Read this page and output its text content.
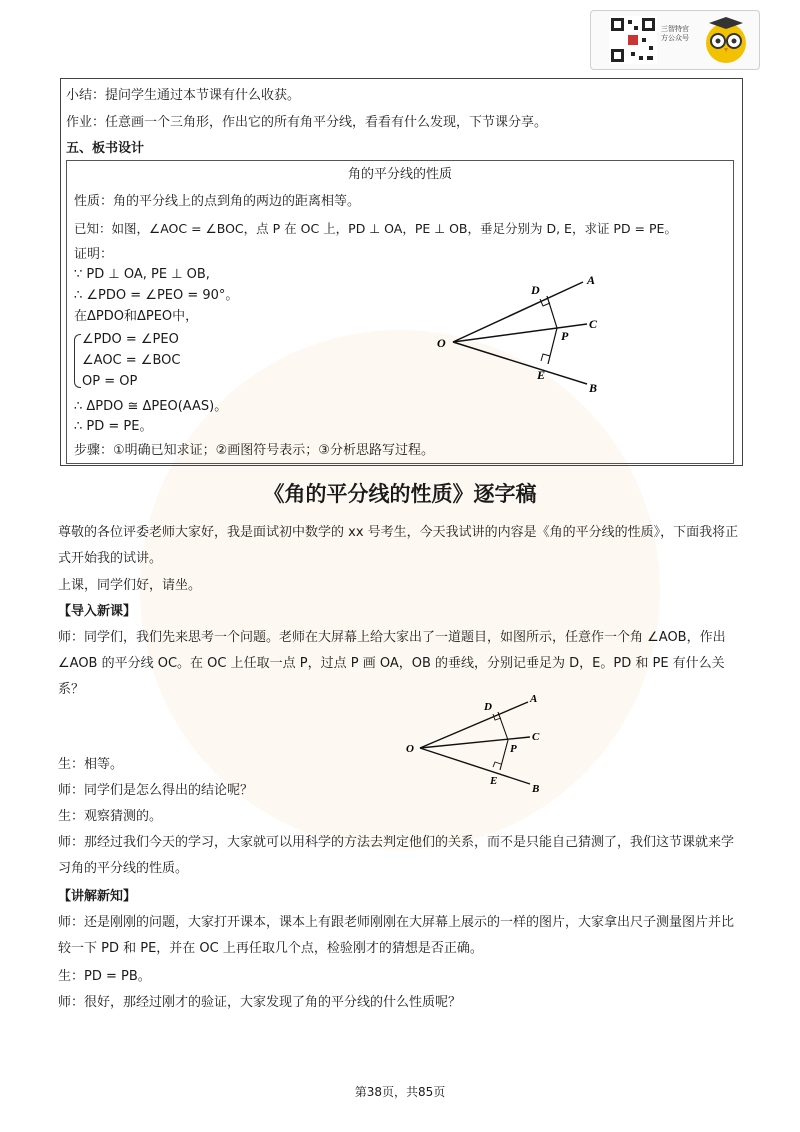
三智特官方公众号
小结：提问学生通过本节课有什么收获。
作业：任意画一个三角形，作出它的所有角平分线，看看有什么发现，下节课分享。
五、板书设计
角的平分线的性质
性质：角的平分线上的点到角的两边的距离相等。
已知：如图，∠AOC = ∠BOC，点 P 在 OC 上，PD ⊥ OA，PE ⊥ OB，垂足分别为 D, E，求证 PD = PE。
证明：
∵ PD ⊥ OA, PE ⊥ OB,
∴ ∠PDO = ∠PEO = 90°。
在ΔPDO和ΔPEO中，
∠PDO = ∠PEO
∠AOC = ∠BOC
OP = OP
∴ ΔPDO ≅ ΔPEO(AAS)。
∴ PD = PE。
步骤：①明确已知求证；②画图符号表示；③分析思路写过程。
O
A
C
B
D
P
E
《角的平分线的性质》逐字稿
尊敬的各位评委老师大家好，我是面试初中数学的 xx 号考生，今天我试讲的内容是《角的平分线的性质》，下面我将正式开始我的试讲。
上课，同学们好，请坐。
【导入新课】
师：同学们，我们先来思考一个问题。老师在大屏幕上给大家出了一道题目，如图所示，任意作一个角 ∠AOB，作出 ∠AOB 的平分线 OC。在 OC 上任取一点 P，过点 P 画 OA，OB 的垂线，分别记垂足为 D，E。PD 和 PE 有什么关系？
O
A
C
B
D
P
E
生：相等。
师：同学们是怎么得出的结论呢？
生：观察猜测的。
师：那经过我们今天的学习，大家就可以用科学的方法去判定他们的关系，而不是只能自己猜测了，我们这节课就来学习角的平分线的性质。
【讲解新知】
师：还是刚刚的问题，大家打开课本，课本上有跟老师刚刚在大屏幕上展示的一样的图片，大家拿出尺子测量图片并比较一下 PD 和 PE，并在 OC 上再任取几个点，检验刚才的猜想是否正确。
生：PD = PB。
师：很好，那经过刚才的验证，大家发现了角的平分线的什么性质呢？
第38页，共85页
